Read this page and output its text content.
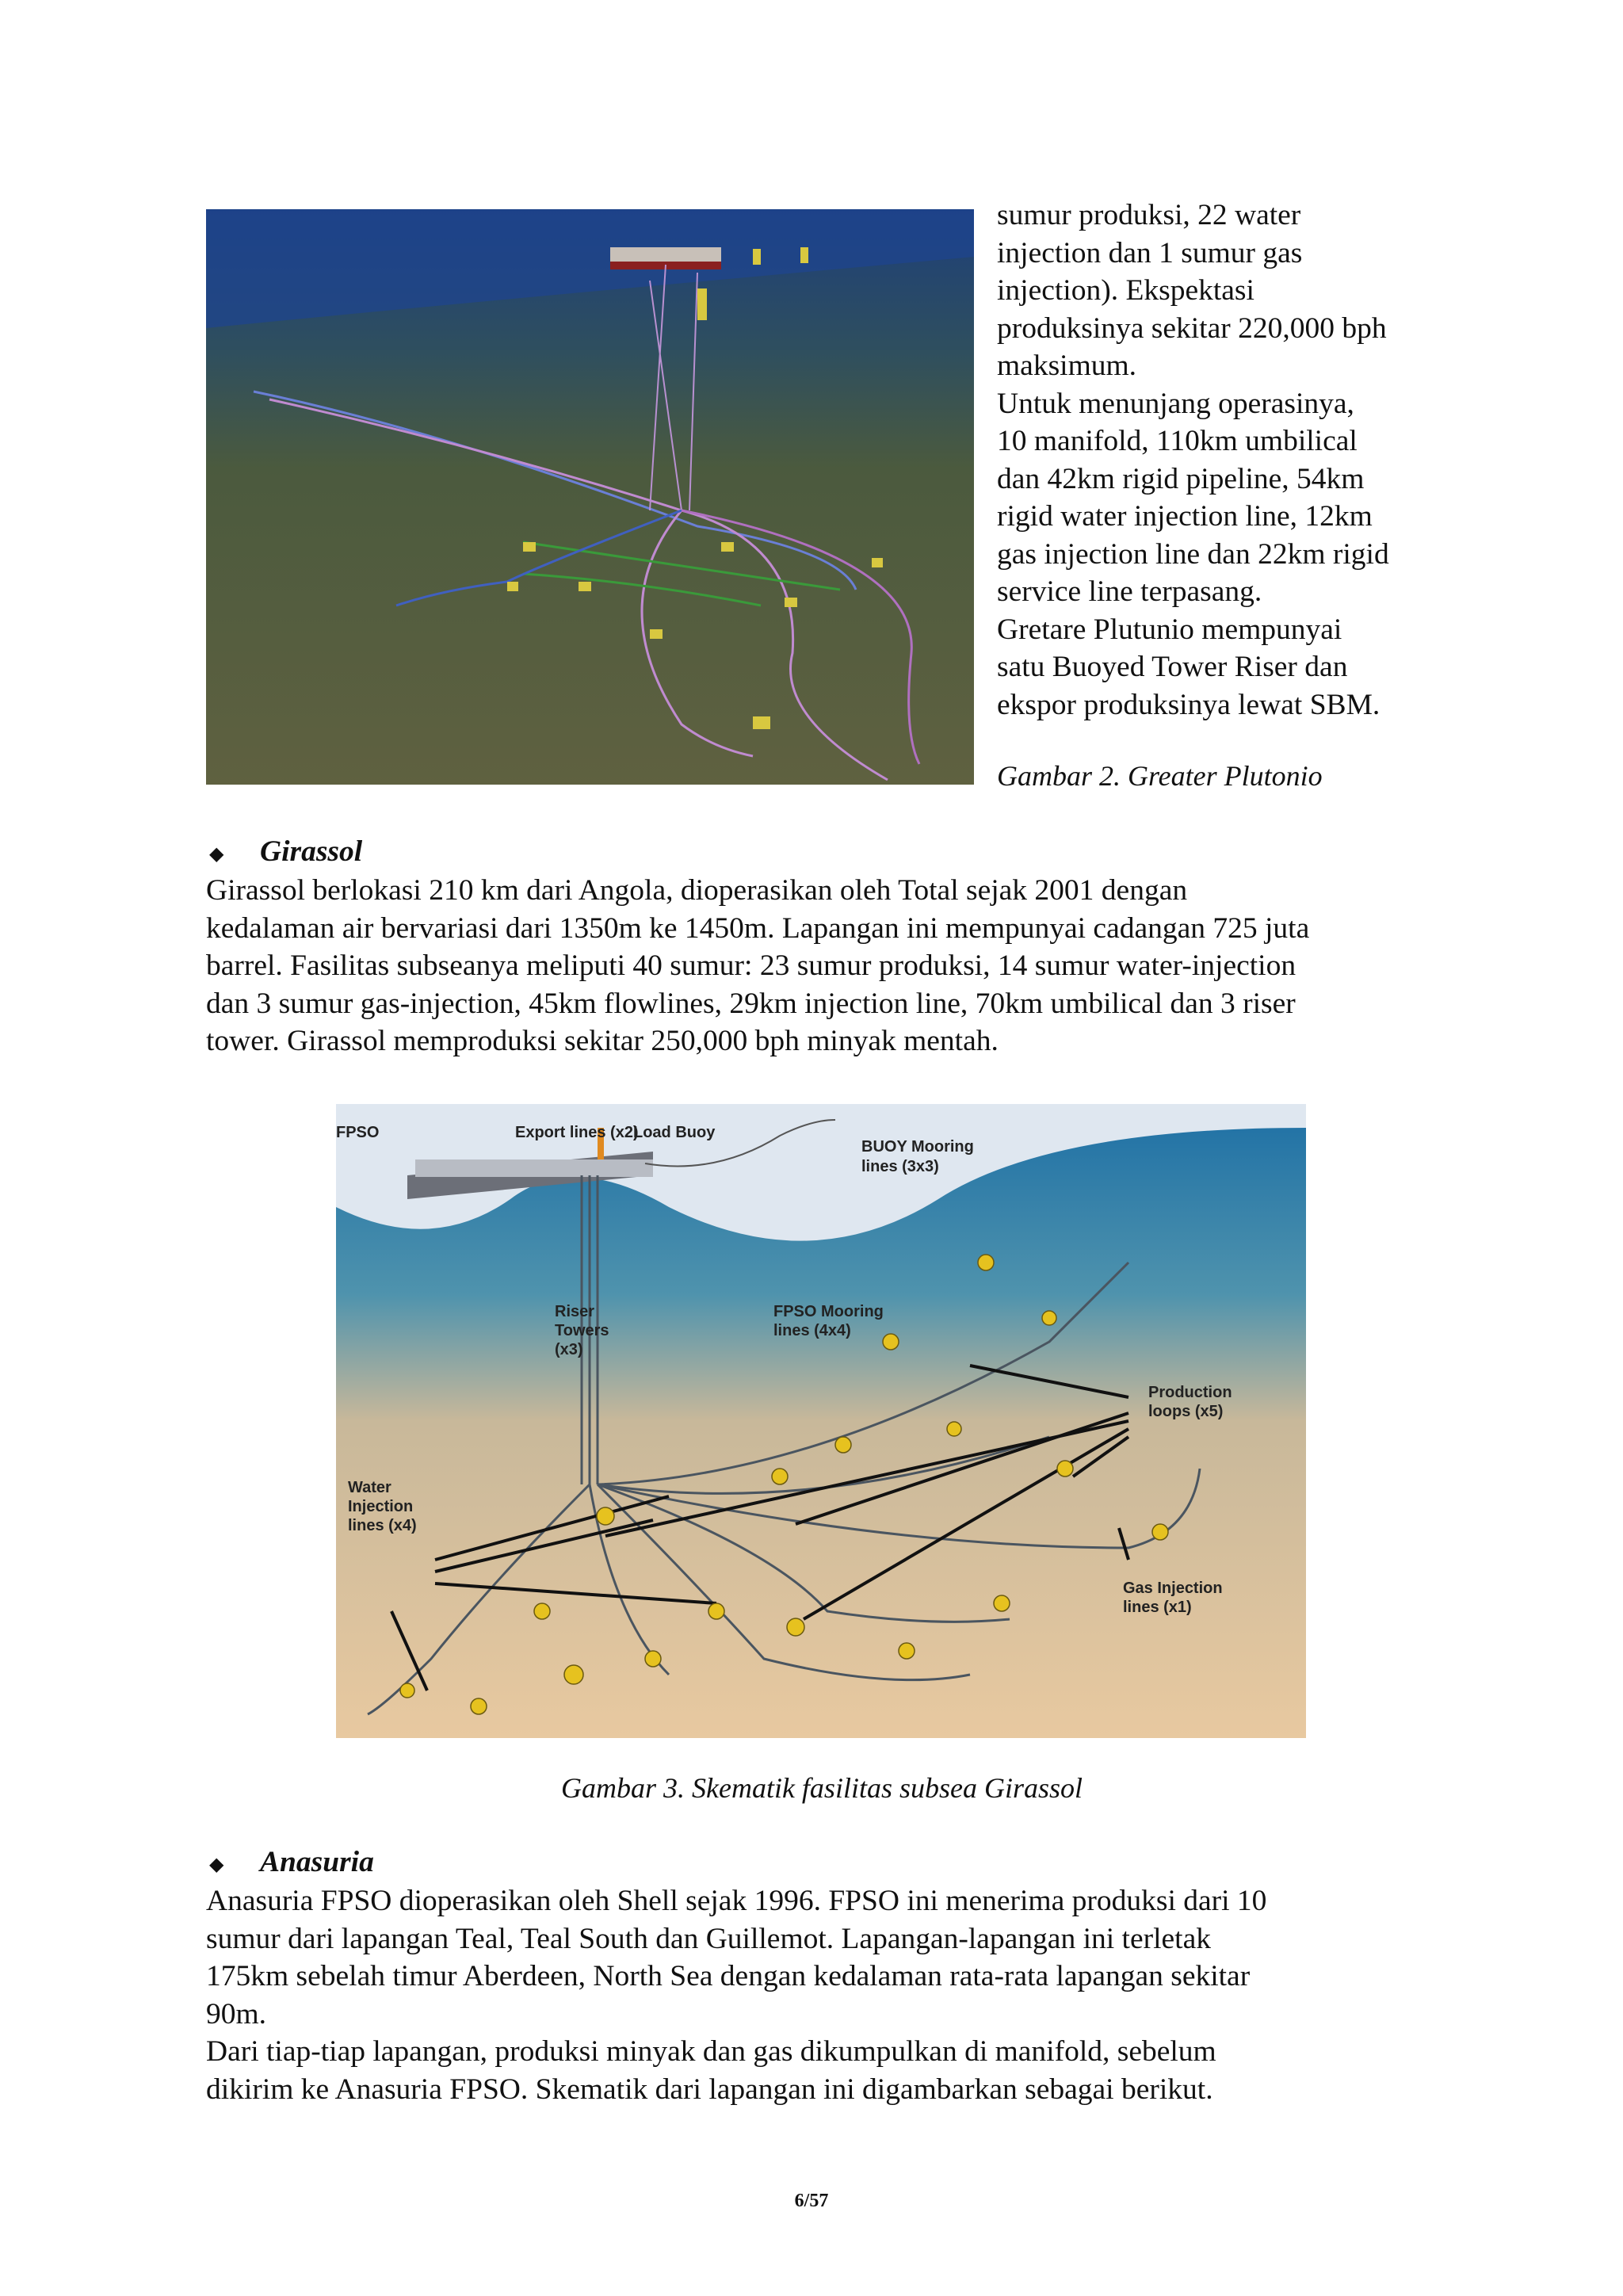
sumur produksi, 22 water

injection dan 1 sumur gas

injection). Ekspektasi

produksinya sekitar 220,000 bph

maksimum.

Untuk menunjang operasinya,

10 manifold, 110km umbilical

dan 42km rigid pipeline, 54km

rigid water injection line, 12km

gas injection line dan 22km rigid

service line terpasang.

Gretare Plutunio mempunyai

satu Buoyed Tower Riser dan

ekspor produksinya lewat SBM.

Gambar 2. Greater Plutonio
◆ Girassol

Girassol berlokasi 210 km dari Angola, dioperasikan oleh Total sejak 2001 dengan

kedalaman air bervariasi dari 1350m ke 1450m. Lapangan ini mempunyai cadangan 725 juta

barrel. Fasilitas subseanya meliputi 40 sumur: 23 sumur produksi, 14 sumur water-injection

dan 3 sumur gas-injection, 45km flowlines, 29km injection line, 70km umbilical dan 3 riser

tower. Girassol memproduksi sekitar 250,000 bph minyak mentah.

Export lines (x2)
Load Buoy
FPSO
BUOY Mooring
lines (3x3)
Riser
Towers
(x3)
FPSO Mooring
lines (4x4)
Production
loops (x5)
Water
Injection
lines (x4)
Gas Injection
lines (x1)
Gambar 3. Skematik fasilitas subsea Girassol
◆ Anasuria

Anasuria FPSO dioperasikan oleh Shell sejak 1996. FPSO ini menerima produksi dari 10

sumur dari lapangan Teal, Teal South dan Guillemot. Lapangan-lapangan ini terletak

175km sebelah timur Aberdeen, North Sea dengan kedalaman rata-rata lapangan sekitar

90m.

Dari tiap-tiap lapangan, produksi minyak dan gas dikumpulkan di manifold, sebelum

dikirim ke Anasuria FPSO. Skematik dari lapangan ini digambarkan sebagai berikut.

6/57
